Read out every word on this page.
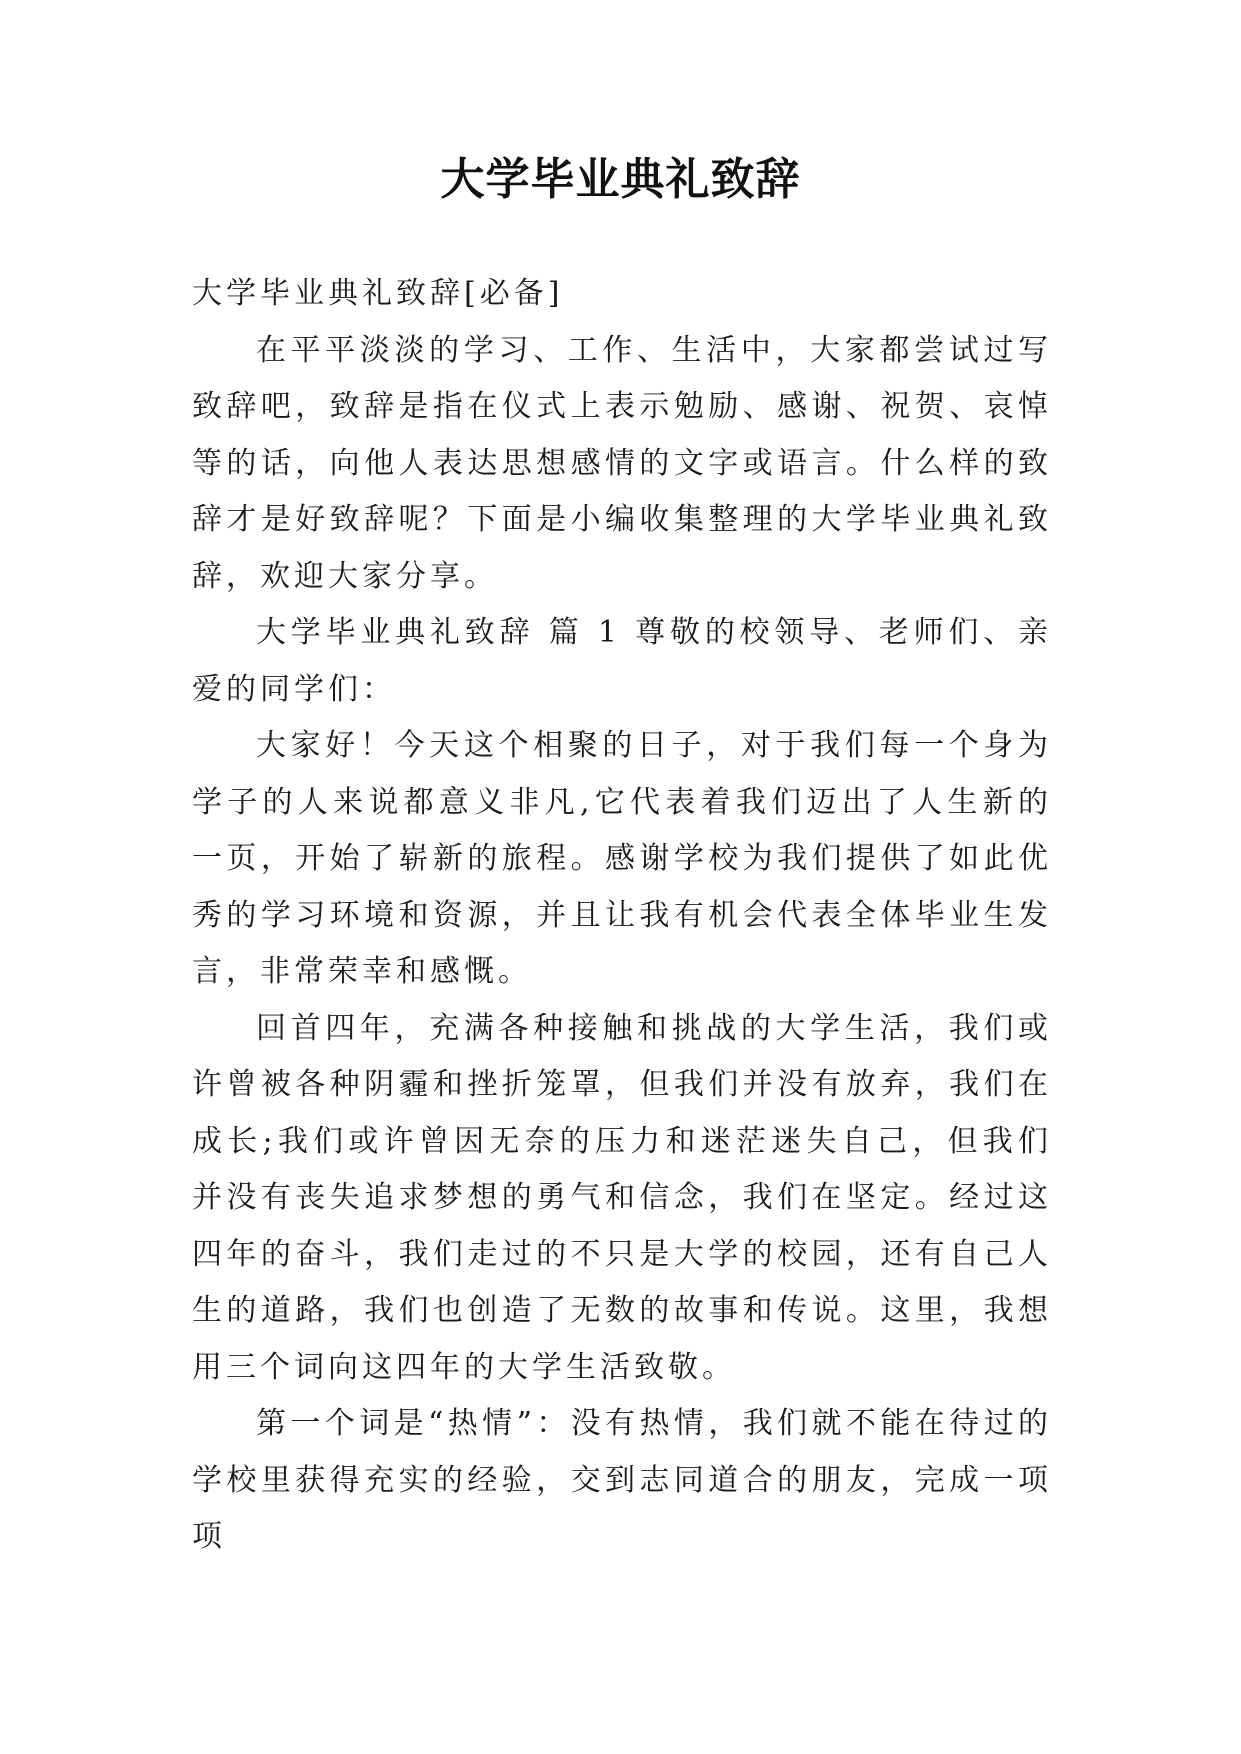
大学毕业典礼致辞

大学毕业典礼致辞[必备]

在平平淡淡的学习、工作、生活中，大家都尝试过写致辞吧，致辞是指在仪式上表示勉励、感谢、祝贺、哀悼等的话，向他人表达思想感情的文字或语言。什么样的致辞才是好致辞呢？下面是小编收集整理的大学毕业典礼致辞，欢迎大家分享。

大学毕业典礼致辞 篇 1 尊敬的校领导、老师们、亲爱的同学们：

大家好！今天这个相聚的日子，对于我们每一个身为学子的人来说都意义非凡,它代表着我们迈出了人生新的一页，开始了崭新的旅程。感谢学校为我们提供了如此优秀的学习环境和资源，并且让我有机会代表全体毕业生发言，非常荣幸和感慨。

回首四年，充满各种接触和挑战的大学生活，我们或许曾被各种阴霾和挫折笼罩，但我们并没有放弃，我们在成长;我们或许曾因无奈的压力和迷茫迷失自己，但我们并没有丧失追求梦想的勇气和信念，我们在坚定。经过这四年的奋斗，我们走过的不只是大学的校园，还有自己人生的道路，我们也创造了无数的故事和传说。这里，我想用三个词向这四年的大学生活致敬。

第一个词是“热情”：没有热情，我们就不能在待过的学校里获得充实的经验，交到志同道合的朋友，完成一项项
